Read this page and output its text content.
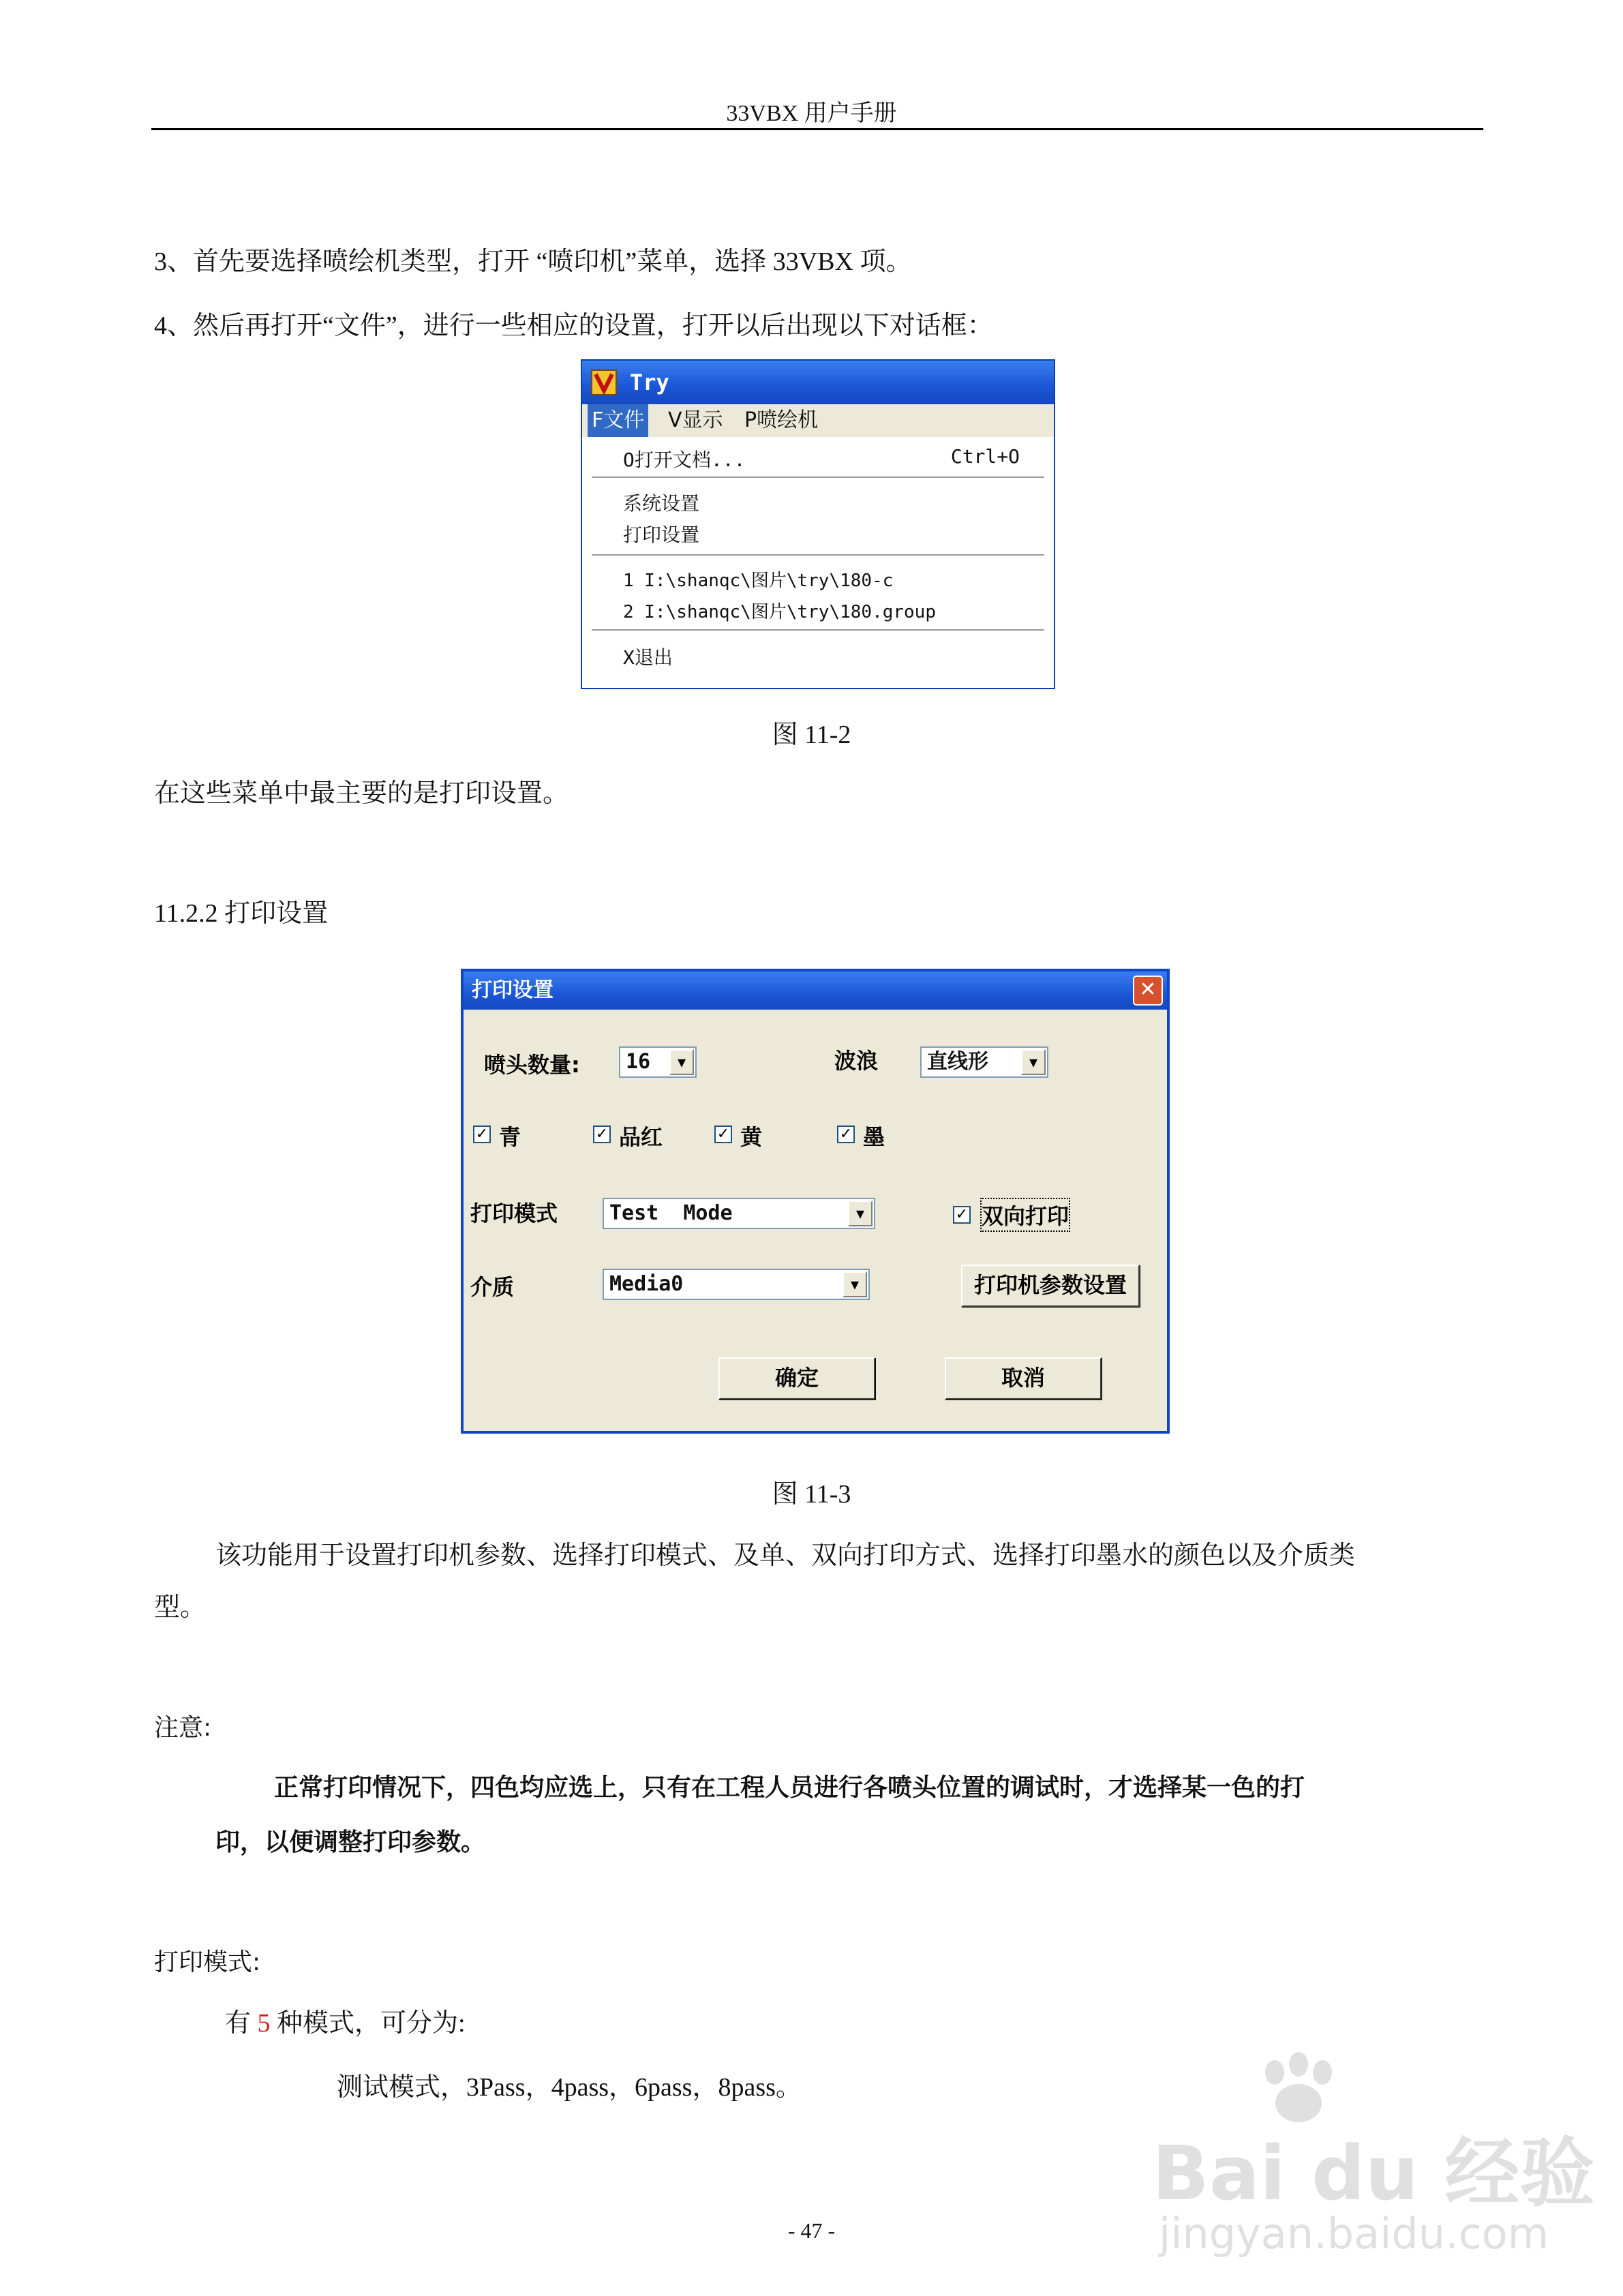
33VBX 用户手册
3、首先要选择喷绘机类型，打开 “喷印机”菜单，选择 33VBX 项。
4、然后再打开“文件”，进行一些相应的设置，打开以后出现以下对话框：
Try
F文件 V显示 P喷绘机
O打开文档...	Ctrl+O
系统设置
打印设置
1 I:\shanqc\图片\try\180-c
2 I:\shanqc\图片\try\180.group
X退出
图 11-2
在这些菜单中最主要的是打印设置。
11.2.2 打印设置
打印设置	✕
喷头数量:	16	▼	波浪	直线形	▼
✓ 青	✓ 品红	✓ 黄	✓ 墨
打印模式	Test  Mode	▼	✓ 双向打印
介质	Media0	▼	打印机参数设置
确定	取消
图 11-3
该功能用于设置打印机参数、选择打印模式、及单、双向打印方式、选择打印墨水的颜色以及介质类
型。
注意:
正常打印情况下，四色均应选上，只有在工程人员进行各喷头位置的调试时，才选择某一色的打
印，以便调整打印参数。
打印模式:
有 5 种模式，可分为:
测试模式，3Pass，4pass，6pass，8pass。
- 47 -
Bai du 经验
jingyan.baidu.com
